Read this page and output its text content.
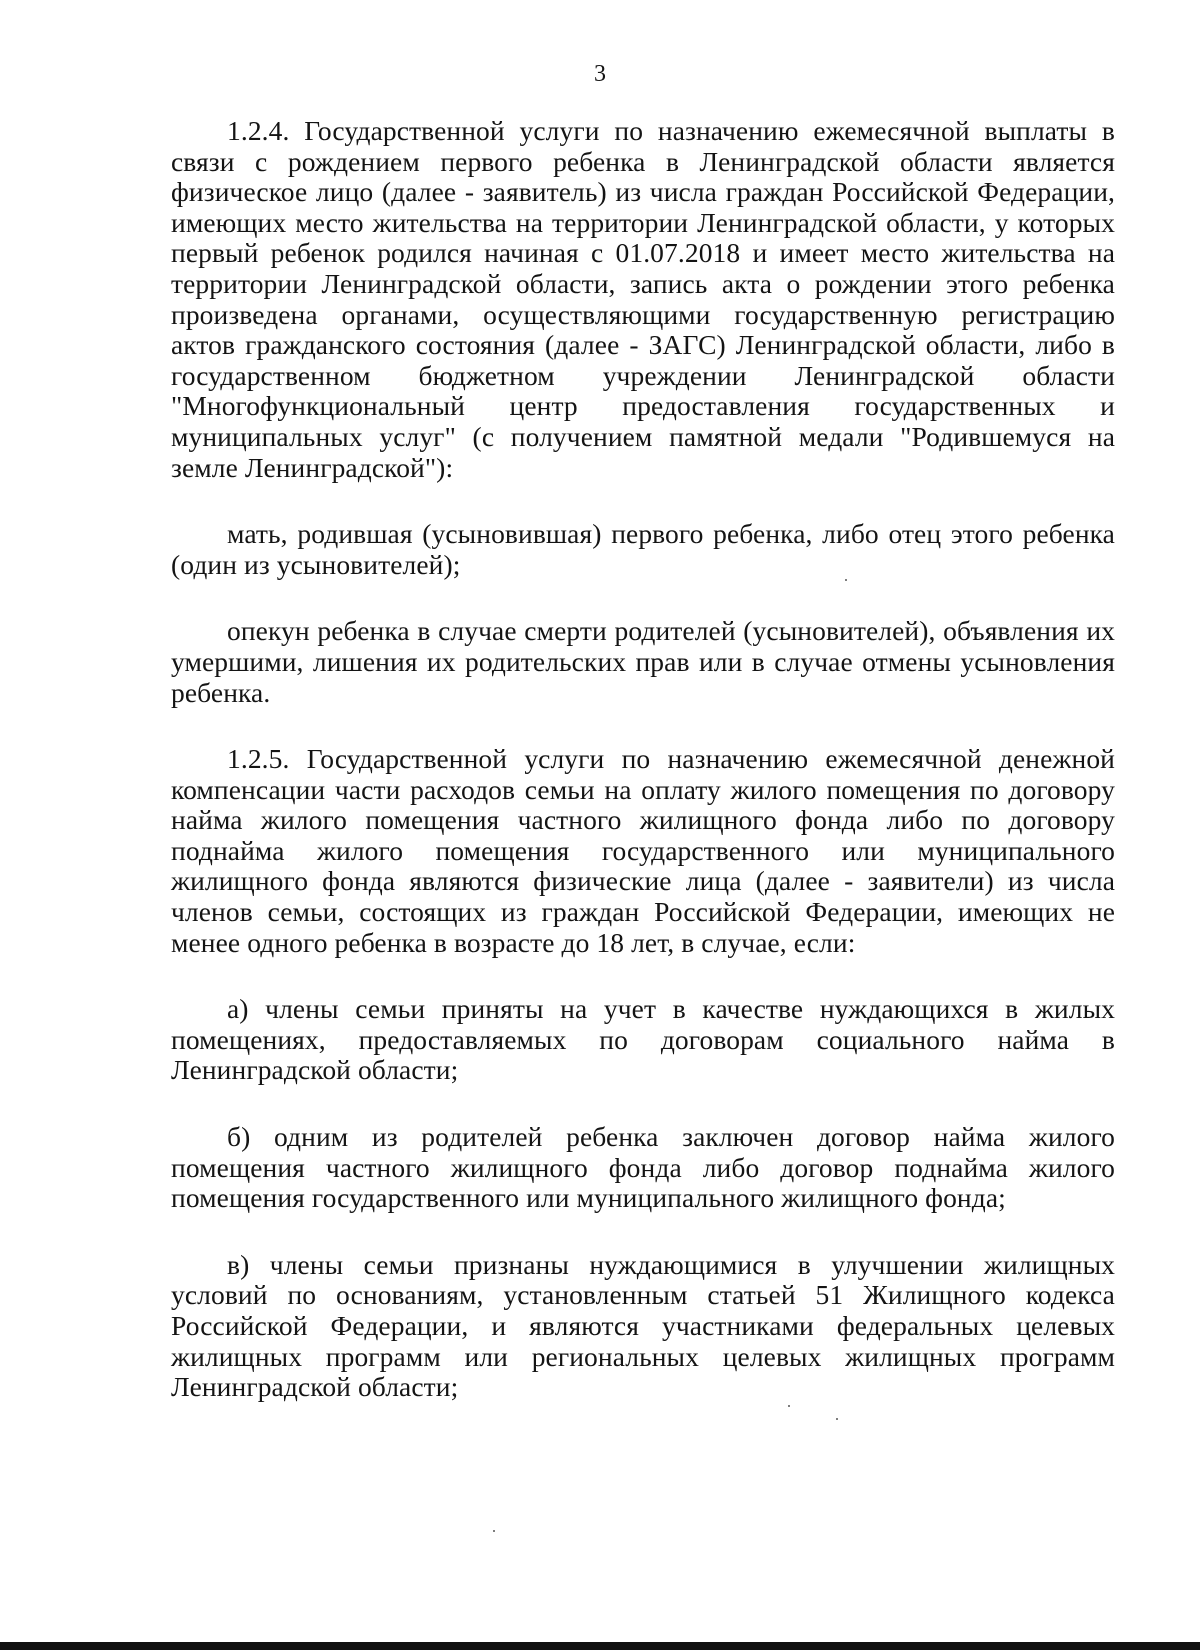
3

1.2.4. Государственной услуги по назначению ежемесячной выплаты в связи с рождением первого ребенка в Ленинградской области является физическое лицо (далее - заявитель) из числа граждан Российской Федерации, имеющих место жительства на территории Ленинградской области, у которых первый ребенок родился начиная с 01.07.2018 и имеет место жительства на территории Ленинградской области, запись акта о рождении этого ребенка произведена органами, осуществляющими государственную регистрацию актов гражданского состояния (далее - ЗАГС) Ленинградской области, либо в государственном бюджетном учреждении Ленинградской области "Многофункциональный центр предоставления государственных и муниципальных услуг" (с получением памятной медали "Родившемуся на земле Ленинградской"):

мать, родившая (усыновившая) первого ребенка, либо отец этого ребенка (один из усыновителей);

опекун ребенка в случае смерти родителей (усыновителей), объявления их умершими, лишения их родительских прав или в случае отмены усыновления ребенка.

1.2.5. Государственной услуги по назначению ежемесячной денежной компенсации части расходов семьи на оплату жилого помещения по договору найма жилого помещения частного жилищного фонда либо по договору поднайма жилого помещения государственного или муниципального жилищного фонда являются физические лица (далее - заявители) из числа членов семьи, состоящих из граждан Российской Федерации, имеющих не менее одного ребенка в возрасте до 18 лет, в случае, если:

а) члены семьи приняты на учет в качестве нуждающихся в жилых помещениях, предоставляемых по договорам социального найма в Ленинградской области;

б) одним из родителей ребенка заключен договор найма жилого помещения частного жилищного фонда либо договор поднайма жилого помещения государственного или муниципального жилищного фонда;

в) члены семьи признаны нуждающимися в улучшении жилищных условий по основаниям, установленным статьей 51 Жилищного кодекса Российской Федерации, и являются участниками федеральных целевых жилищных программ или региональных целевых жилищных программ Ленинградской области;
